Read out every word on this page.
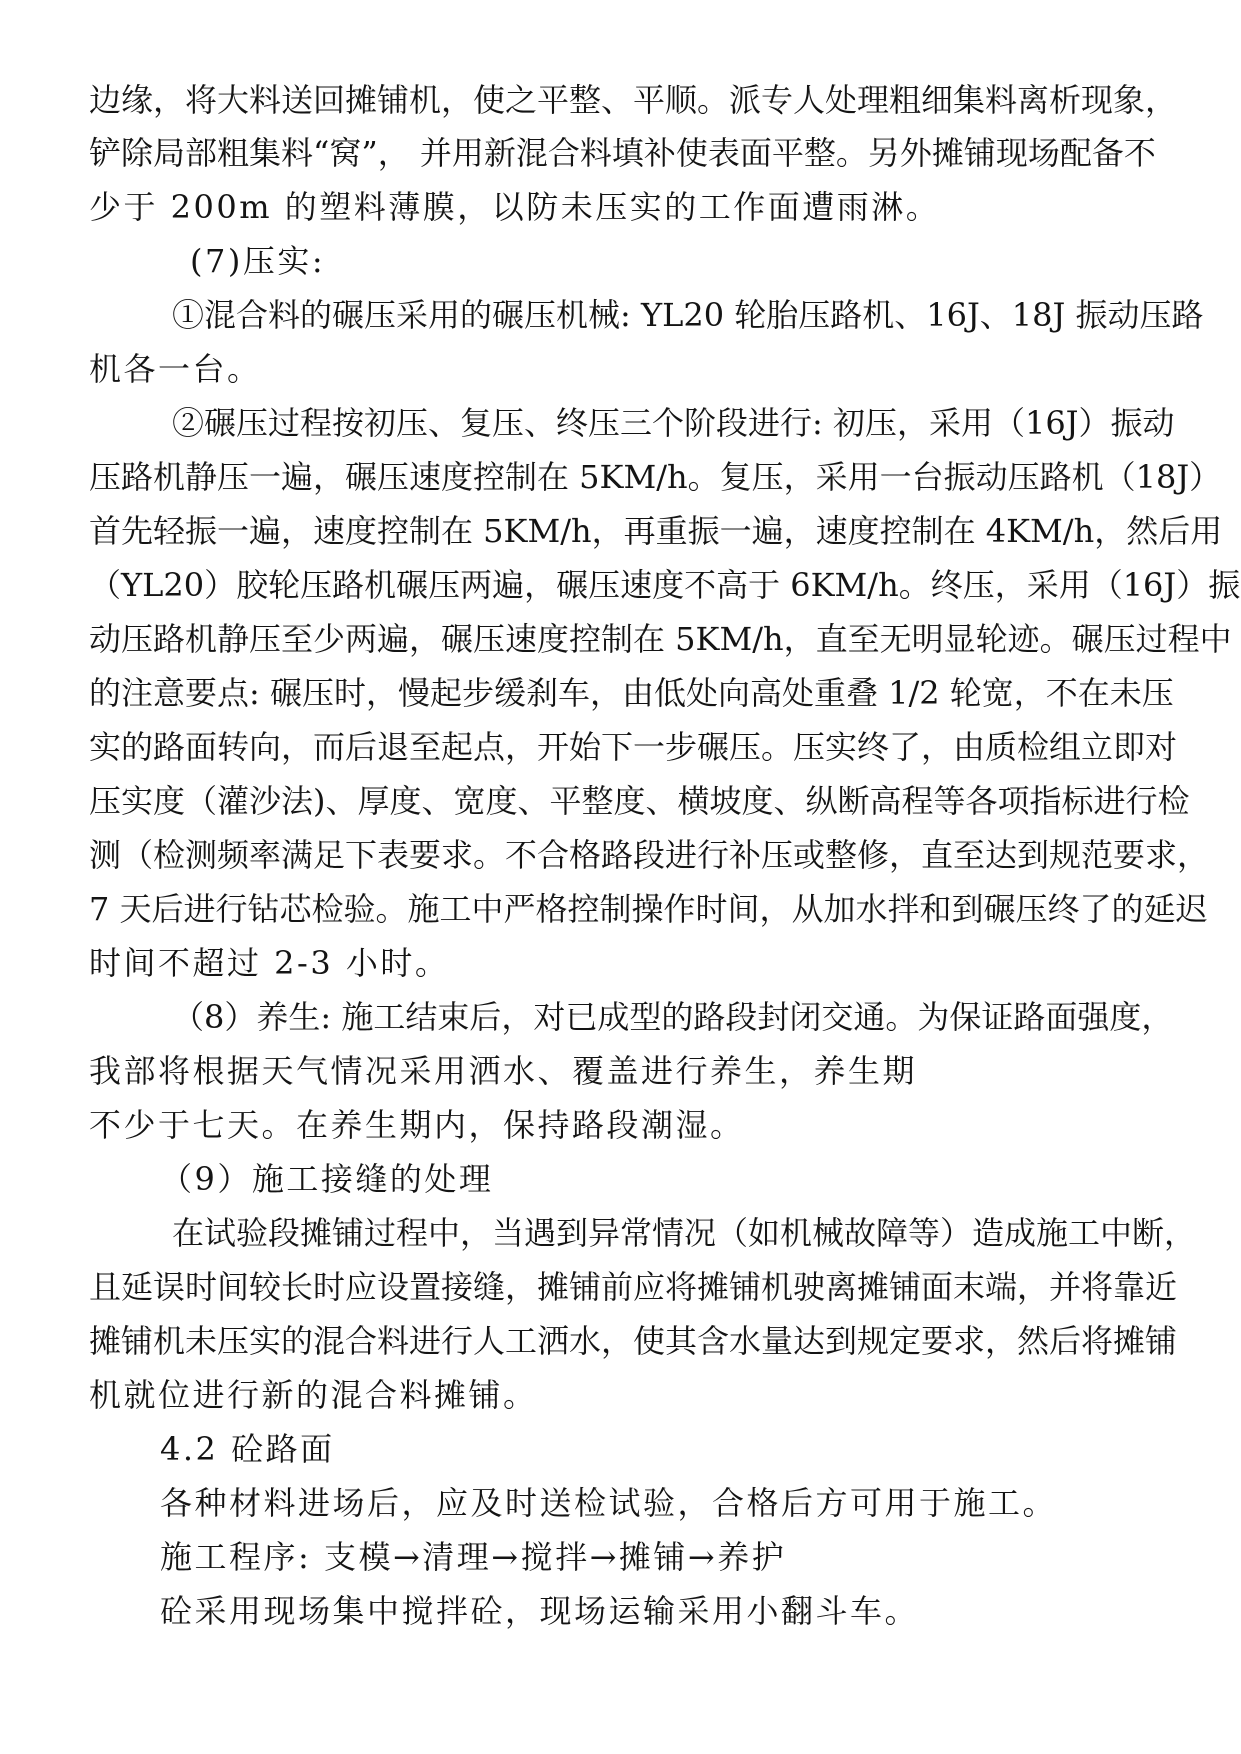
边缘，将大料送回摊铺机，使之平整、平顺。派专人处理粗细集料离析现象，
铲除局部粗集料“窝”， 并用新混合料填补使表面平整。另外摊铺现场配备不
少于 200m 的塑料薄膜，以防未压实的工作面遭雨淋。
(7)压实:
①混合料的碾压采用的碾压机械: YL20 轮胎压路机、16J、18J 振动压路
机各一台。
②碾压过程按初压、复压、终压三个阶段进行: 初压，采用（16J）振动
压路机静压一遍，碾压速度控制在 5KM/h。复压，采用一台振动压路机（18J）
首先轻振一遍，速度控制在 5KM/h，再重振一遍，速度控制在 4KM/h，然后用
（YL20）胶轮压路机碾压两遍，碾压速度不高于 6KM/h。终压，采用（16J）振
动压路机静压至少两遍，碾压速度控制在 5KM/h，直至无明显轮迹。碾压过程中
的注意要点: 碾压时，慢起步缓刹车，由低处向高处重叠 1/2 轮宽，不在未压
实的路面转向，而后退至起点，开始下一步碾压。压实终了，由质检组立即对
压实度（灌沙法)、厚度、宽度、平整度、横坡度、纵断高程等各项指标进行检
测（检测频率满足下表要求。不合格路段进行补压或整修，直至达到规范要求，
7 天后进行钻芯检验。施工中严格控制操作时间，从加水拌和到碾压终了的延迟
时间不超过 2-3 小时。
（8）养生: 施工结束后，对已成型的路段封闭交通。为保证路面强度，
我部将根据天气情况采用洒水、覆盖进行养生，养生期
不少于七天。在养生期内，保持路段潮湿。
（9）施工接缝的处理
在试验段摊铺过程中，当遇到异常情况（如机械故障等）造成施工中断，
且延误时间较长时应设置接缝，摊铺前应将摊铺机驶离摊铺面末端，并将靠近
摊铺机未压实的混合料进行人工洒水，使其含水量达到规定要求，然后将摊铺
机就位进行新的混合料摊铺。
4.2 砼路面
各种材料进场后，应及时送检试验，合格后方可用于施工。
施工程序: 支模→清理→搅拌→摊铺→养护
砼采用现场集中搅拌砼，现场运输采用小翻斗车。
